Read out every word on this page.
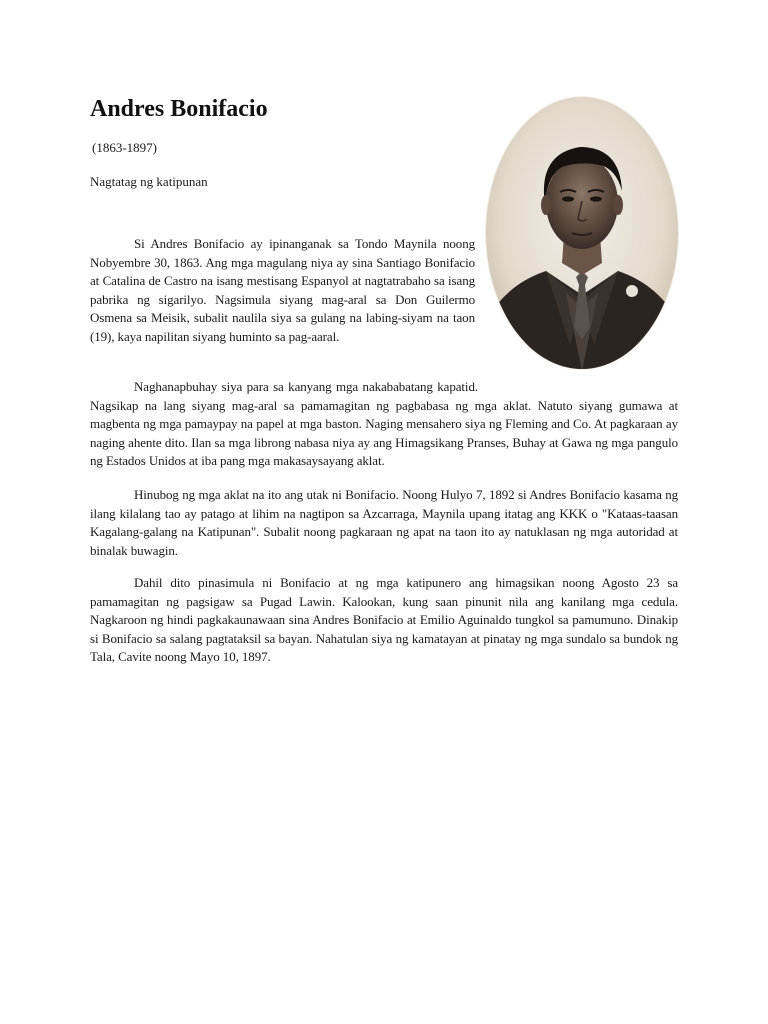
Andres Bonifacio
(1863-1897)
Nagtatag ng katipunan

Si Andres Bonifacio ay ipinanganak sa Tondo Maynila noong Nobyembre 30, 1863. Ang mga magulang niya ay sina Santiago Bonifacio at Catalina de Castro na isang mestisang Espanyol at nagtatrabaho sa isang pabrika ng sigarilyo. Nagsimula siyang mag-aral sa Don Guilermo Osmena sa Meisik, subalit naulila siya sa gulang na labing-siyam na taon (19), kaya napilitan siyang huminto sa pag-aaral.

Naghanapbuhay siya para sa kanyang mga nakababatang kapatid. Nagsikap na lang siyang mag-aral sa pamamagitan ng pagbabasa ng mga aklat. Natuto siyang gumawa at magbenta ng mga pamaypay na papel at mga baston. Naging mensahero siya ng Fleming and Co. At pagkaraan ay naging ahente dito. Ilan sa mga librong nabasa niya ay ang Himagsikang Pranses, Buhay at Gawa ng mga pangulo ng Estados Unidos at iba pang mga makasaysayang aklat.

Hinubog ng mga aklat na ito ang utak ni Bonifacio. Noong Hulyo 7, 1892 si Andres Bonifacio kasama ng ilang kilalang tao ay patago at lihim na nagtipon sa Azcarraga, Maynila upang itatag ang KKK o "Kataas-taasan Kagalang-galang na Katipunan". Subalit noong pagkaraan ng apat na taon ito ay natuklasan ng mga autoridad at binalak buwagin.

Dahil dito pinasimula ni Bonifacio at ng mga katipunero ang himagsikan noong Agosto 23 sa pamamagitan ng pagsigaw sa Pugad Lawin. Kalookan, kung saan pinunit nila ang kanilang mga cedula. Nagkaroon ng hindi pagkakaunawaan sina Andres Bonifacio at Emilio Aguinaldo tungkol sa pamumuno. Dinakip si Bonifacio sa salang pagtataksil sa bayan. Nahatulan siya ng kamatayan at pinatay ng mga sundalo sa bundok ng Tala, Cavite noong Mayo 10, 1897.
